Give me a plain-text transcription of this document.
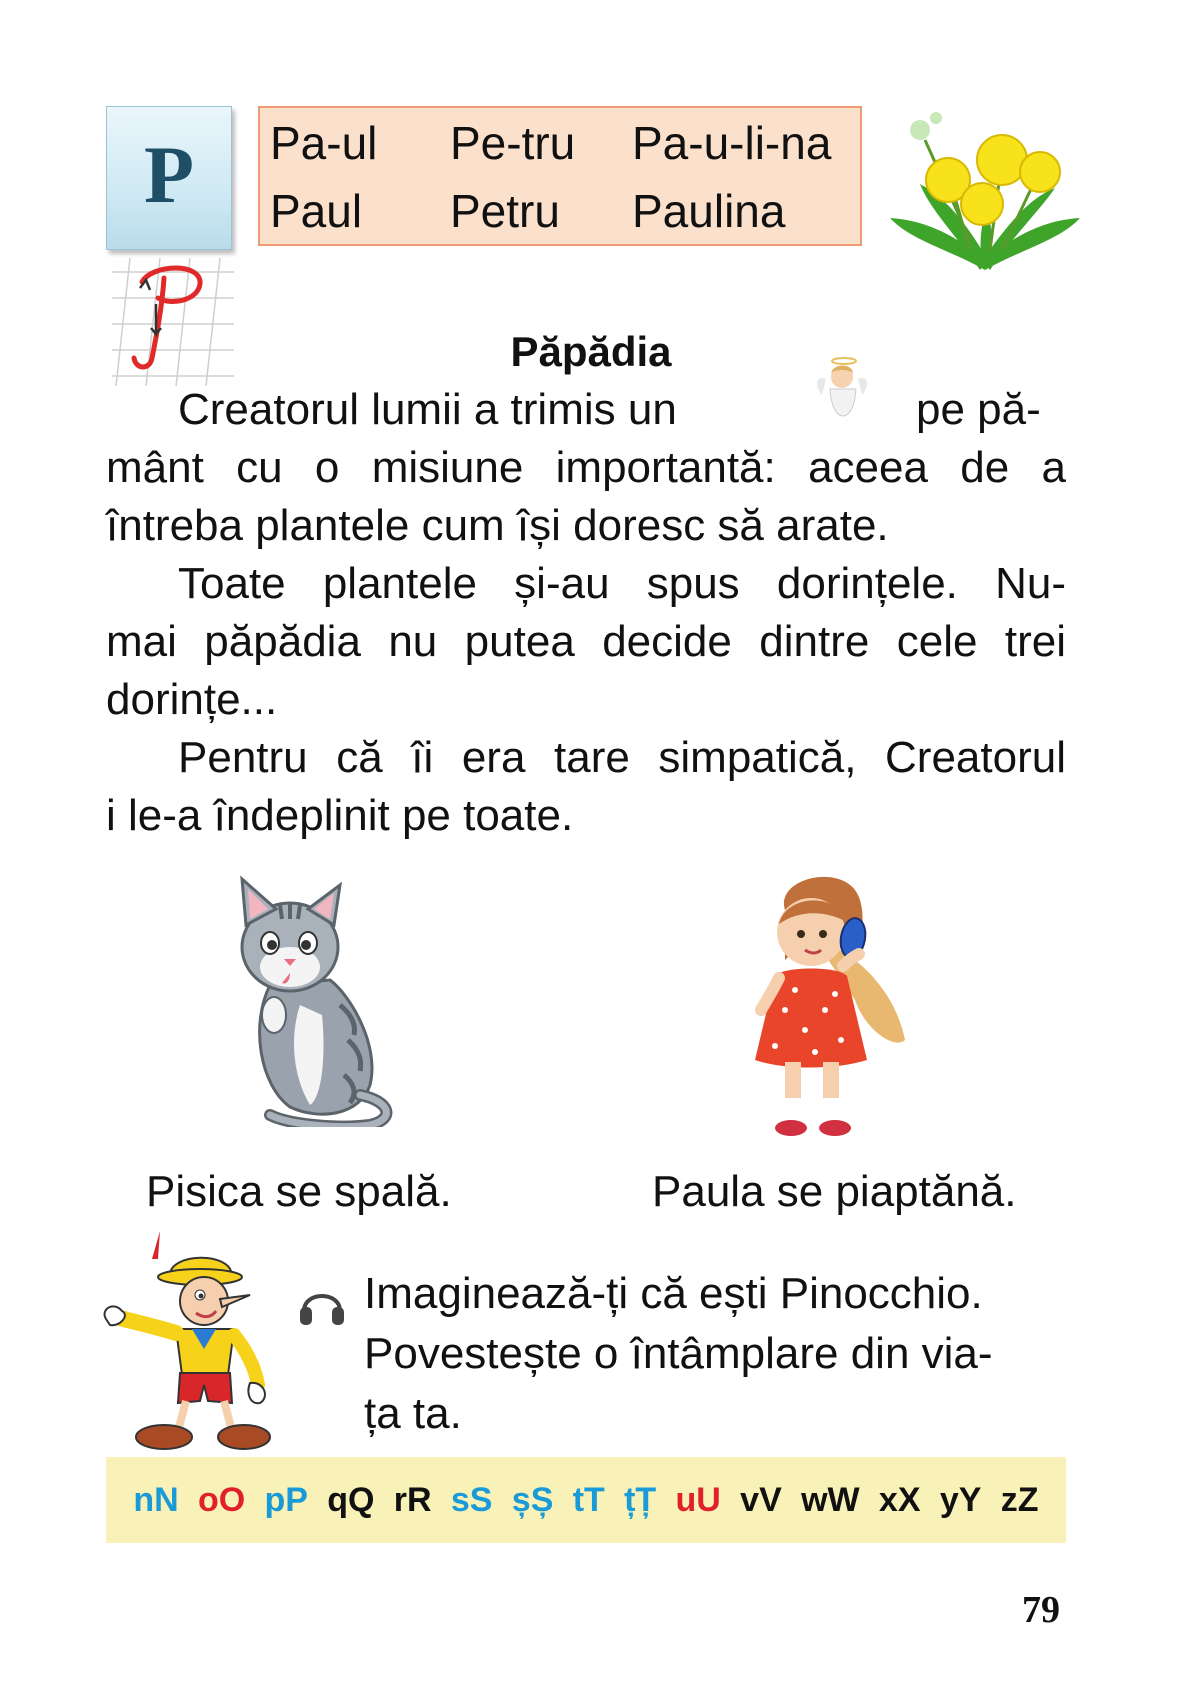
P Pa-ul Pe-tru Pa-u-li-na
Paul Petru Paulina
Păpădia
Creatorul lumii a trimis un	pe pă-
mânt cu o misiune importantă: aceea de a
întreba plantele cum își doresc să arate.
Toate plantele și-au spus dorințele. Nu-
mai păpădia nu putea decide dintre cele trei
dorințe...
Pentru că îi era tare simpatică, Creatorul
i le-a îndeplinit pe toate.
Pisica se spală.	Paula se piaptănă.
Imaginează-ți că ești Pinocchio.
Povestește o întâmplare din via-
ța ta.
nN oO pP qQ rR sS șȘ tT țȚ uU vV wW xX yY zZ
79
